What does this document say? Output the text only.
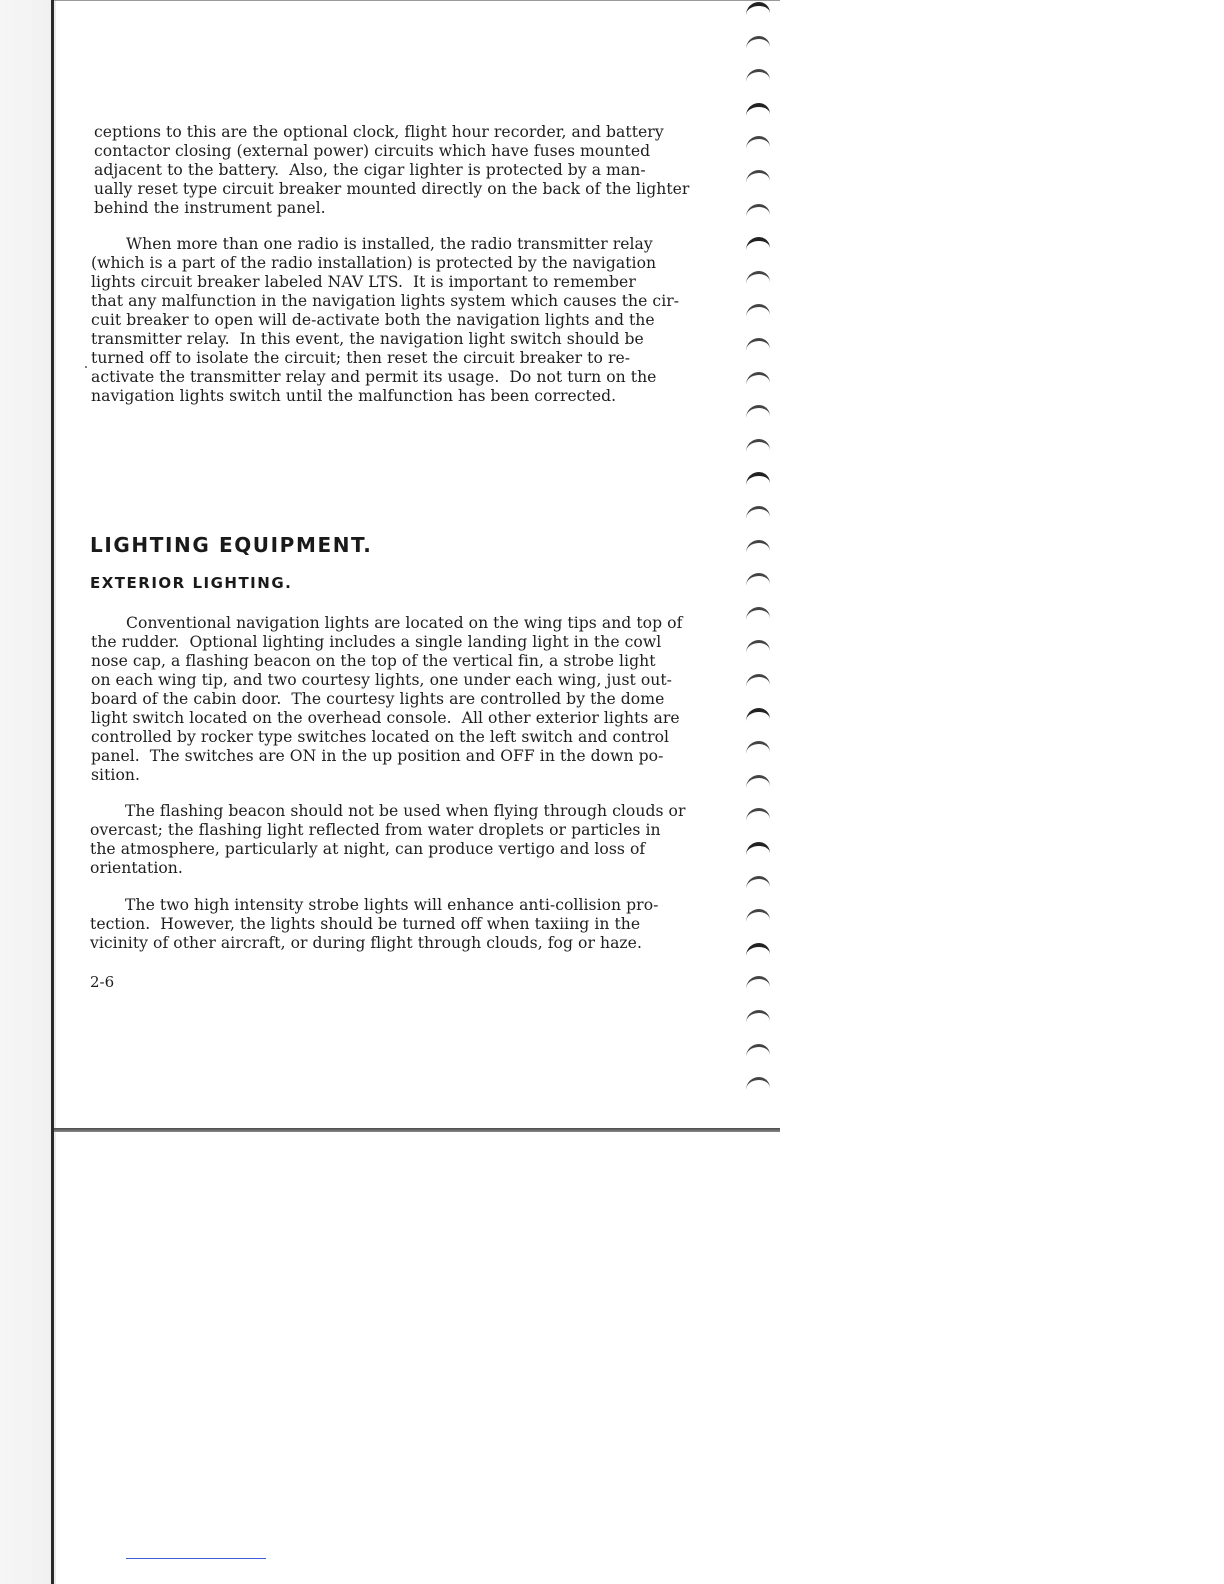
ceptions to this are the optional clock, flight hour recorder, and battery
contactor closing (external power) circuits which have fuses mounted
adjacent to the battery.  Also, the cigar lighter is protected by a man-
ually reset type circuit breaker mounted directly on the back of the lighter
behind the instrument panel.

When more than one radio is installed, the radio transmitter relay
(which is a part of the radio installation) is protected by the navigation
lights circuit breaker labeled NAV LTS.  It is important to remember
that any malfunction in the navigation lights system which causes the cir-
cuit breaker to open will de-activate both the navigation lights and the
transmitter relay.  In this event, the navigation light switch should be
turned off to isolate the circuit; then reset the circuit breaker to re-
activate the transmitter relay and permit its usage.  Do not turn on the
navigation lights switch until the malfunction has been corrected.

LIGHTING EQUIPMENT.
EXTERIOR LIGHTING.

Conventional navigation lights are located on the wing tips and top of
the rudder.  Optional lighting includes a single landing light in the cowl
nose cap, a flashing beacon on the top of the vertical fin, a strobe light
on each wing tip, and two courtesy lights, one under each wing, just out-
board of the cabin door.  The courtesy lights are controlled by the dome
light switch located on the overhead console.  All other exterior lights are
controlled by rocker type switches located on the left switch and control
panel.  The switches are ON in the up position and OFF in the down po-
sition.

The flashing beacon should not be used when flying through clouds or
overcast; the flashing light reflected from water droplets or particles in
the atmosphere, particularly at night, can produce vertigo and loss of
orientation.

The two high intensity strobe lights will enhance anti-collision pro-
tection.  However, the lights should be turned off when taxiing in the
vicinity of other aircraft, or during flight through clouds, fog or haze.

2-6
